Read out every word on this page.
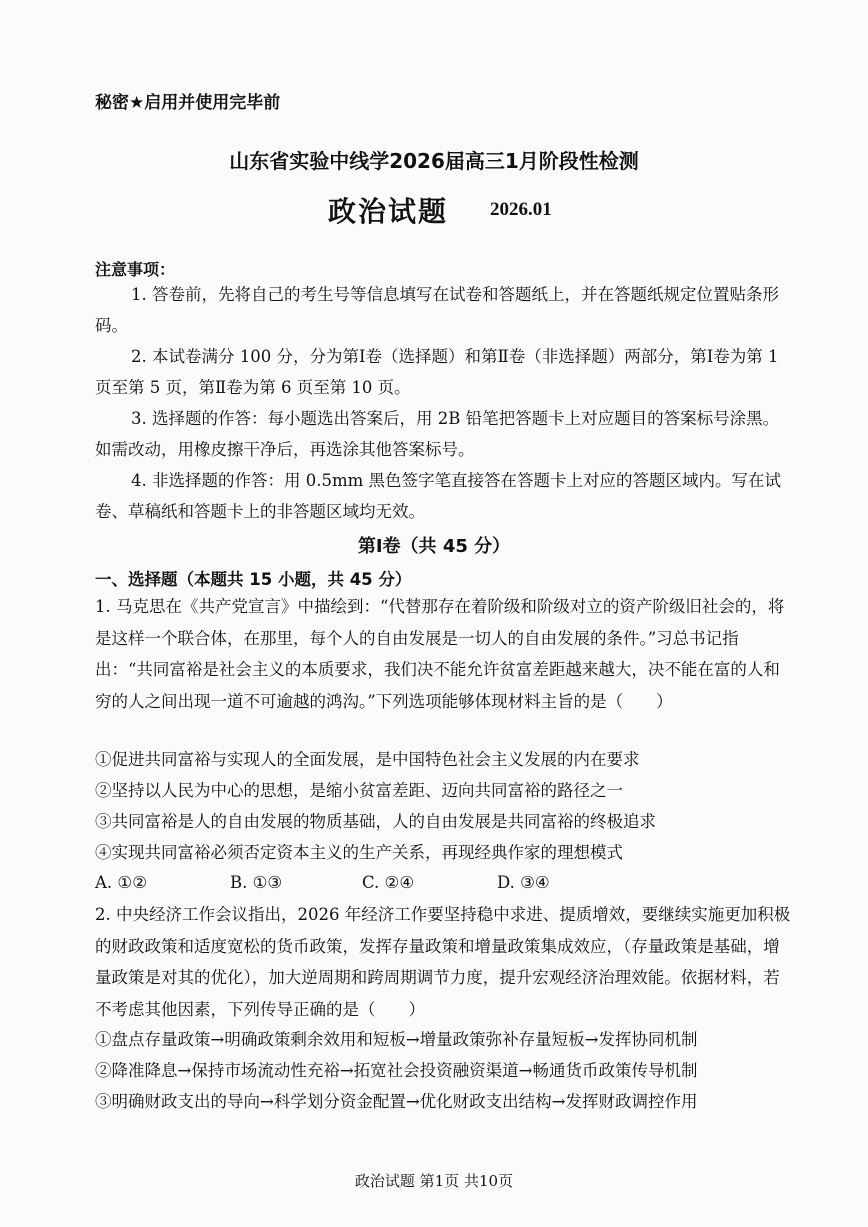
秘密★启用并使用完毕前
山东省实验中线学2026届高三1月阶段性检测
政治试题 2026.01
注意事项：
1. 答卷前，先将自己的考生号等信息填写在试卷和答题纸上，并在答题纸规定位置贴条形码。
2. 本试卷满分 100 分，分为第Ⅰ卷（选择题）和第Ⅱ卷（非选择题）两部分，第Ⅰ卷为第 1 页至第 5 页，第Ⅱ卷为第 6 页至第 10 页。
3. 选择题的作答：每小题选出答案后，用 2B 铅笔把答题卡上对应题目的答案标号涂黑。如需改动，用橡皮擦干净后，再选涂其他答案标号。
4. 非选择题的作答：用 0.5mm 黑色签字笔直接答在答题卡上对应的答题区域内。写在试卷、草稿纸和答题卡上的非答题区域均无效。
第Ⅰ卷（共 45 分）
一、选择题（本题共 15 小题，共 45 分）
1. 马克思在《共产党宣言》中描绘到：“代替那存在着阶级和阶级对立的资产阶级旧社会的，将是这样一个联合体，在那里，每个人的自由发展是一切人的自由发展的条件。”习总书记指出：“共同富裕是社会主义的本质要求，我们决不能允许贫富差距越来越大，决不能在富的人和穷的人之间出现一道不可逾越的鸿沟。”下列选项能够体现材料主旨的是（　　）
①促进共同富裕与实现人的全面发展，是中国特色社会主义发展的内在要求
②坚持以人民为中心的思想，是缩小贫富差距、迈向共同富裕的路径之一
③共同富裕是人的自由发展的物质基础，人的自由发展是共同富裕的终极追求
④实现共同富裕必须否定资本主义的生产关系，再现经典作家的理想模式
A. ①②	B. ①③	C. ②④	D. ③④
2. 中央经济工作会议指出，2026 年经济工作要坚持稳中求进、提质增效，要继续实施更加积极的财政政策和适度宽松的货币政策，发挥存量政策和增量政策集成效应，（存量政策是基础，增量政策是对其的优化），加大逆周期和跨周期调节力度，提升宏观经济治理效能。依据材料，若不考虑其他因素，下列传导正确的是（　　）
①盘点存量政策→明确政策剩余效用和短板→增量政策弥补存量短板→发挥协同机制
②降准降息→保持市场流动性充裕→拓宽社会投资融资渠道→畅通货币政策传导机制
③明确财政支出的导向→科学划分资金配置→优化财政支出结构→发挥财政调控作用
政治试题 第1页 共10页
